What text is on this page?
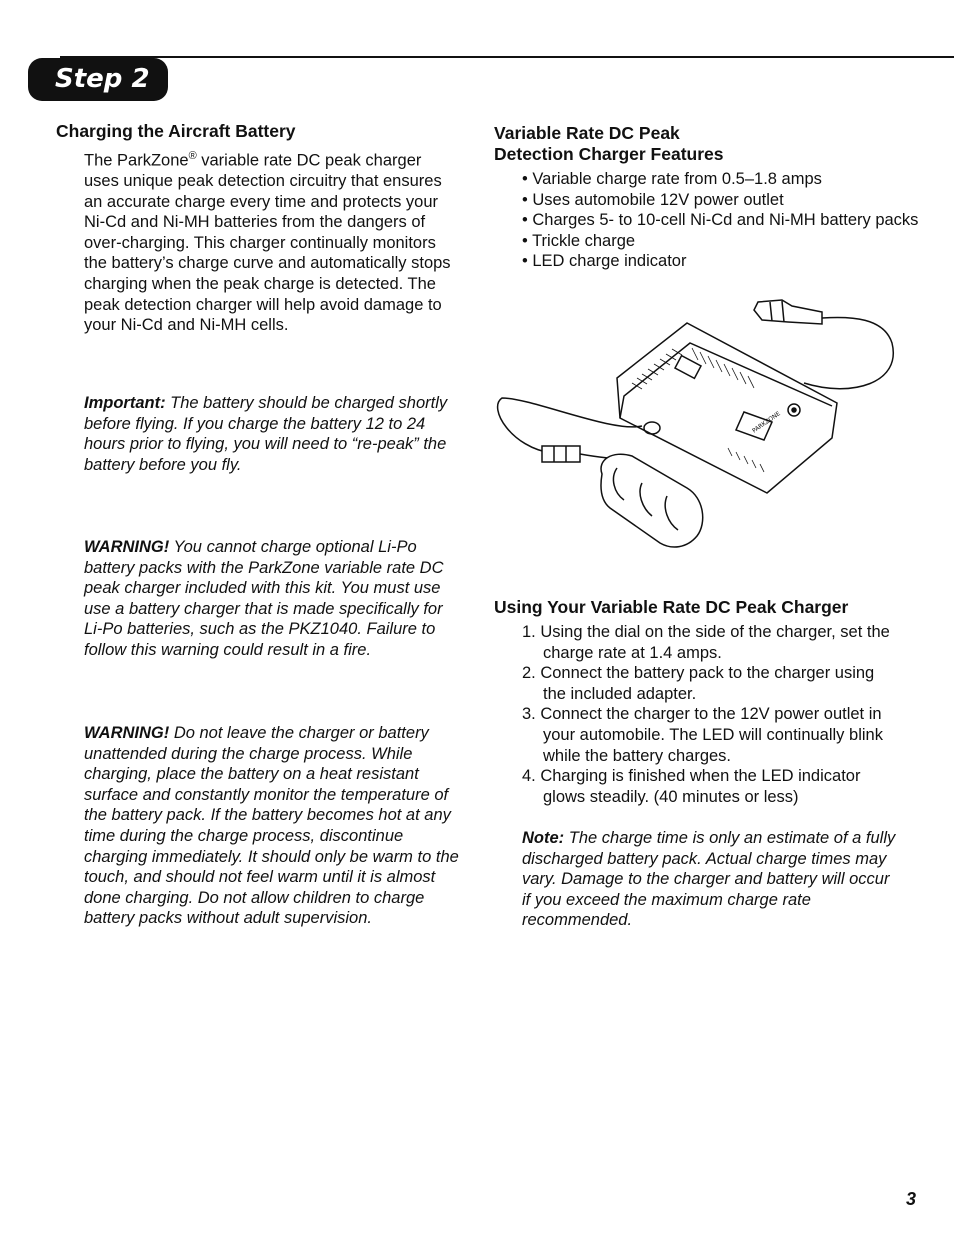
Step 2
Charging the Aircraft Battery

The ParkZone® variable rate DC peak charger uses unique peak detection circuitry that ensures an accurate charge every time and protects your Ni-Cd and Ni-MH batteries from the dangers of over-charging. This charger continually monitors the battery’s charge curve and automatically stops charging when the peak charge is detected. The peak detection charger will help avoid damage to your Ni-Cd and Ni-MH cells.

Important: The battery should be charged shortly before flying. If you charge the battery 12 to 24 hours prior to flying, you will need to “re-peak” the battery before you fly.

WARNING! You cannot charge optional Li-Po battery packs with the ParkZone variable rate DC peak charger included with this kit. You must use use a battery charger that is made specifically for Li-Po batteries, such as the PKZ1040. Failure to follow this warning could result in a fire.

WARNING! Do not leave the charger or battery unattended during the charge process. While charging, place the battery on a heat resistant surface and constantly monitor the temperature of the battery pack. If the battery becomes hot at any time during the charge process, discontinue charging immediately. It should only be warm to the touch, and should not feel warm until it is almost done charging. Do not allow children to charge battery packs without adult supervision.

Variable Rate DC Peak
Detection Charger Features
• Variable charge rate from 0.5–1.8 amps
• Uses automobile 12V power outlet
• Charges 5- to 10-cell Ni-Cd and Ni-MH battery packs
• Trickle charge
• LED charge indicator
PARKZONE
Using Your Variable Rate DC Peak Charger
1. Using the dial on the side of the charger, set the charge rate at 1.4 amps.
2. Connect the battery pack to the charger using the included adapter.
3. Connect the charger to the 12V power outlet in your automobile. The LED will continually blink while the battery charges.
4. Charging is finished when the LED indicator glows steadily. (40 minutes or less)

Note: The charge time is only an estimate of a fully discharged battery pack. Actual charge times may vary. Damage to the charger and battery will occur if you exceed the maximum charge rate recommended.

3
